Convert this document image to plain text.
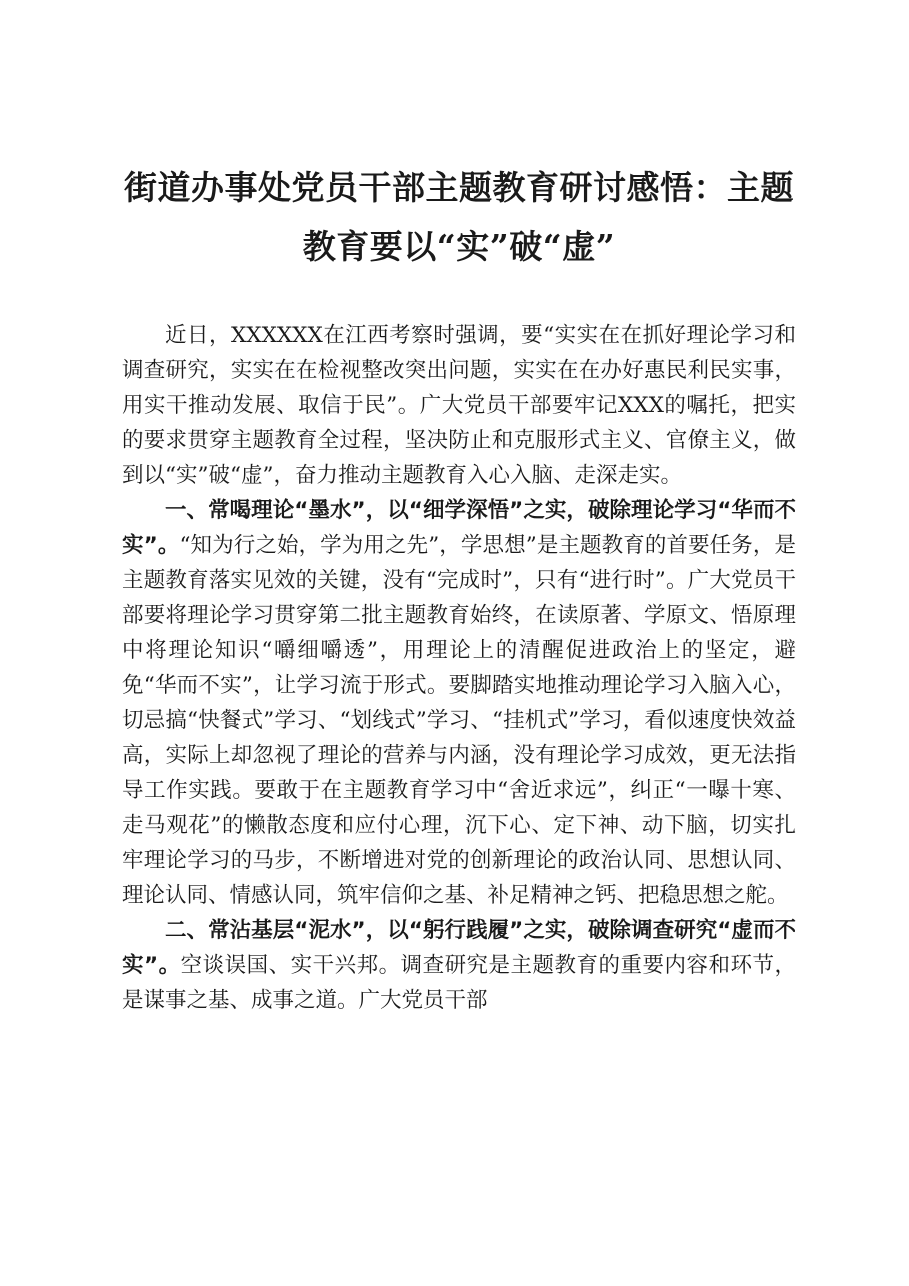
街道办事处党员干部主题教育研讨感悟：主题
教育要以“实”破“虚”

近日，XXXXXX在江西考察时强调，要“实实在在抓好理论学习和调查研究，实实在在检视整改突出问题，实实在在办好惠民利民实事，用实干推动发展、取信于民”。广大党员干部要牢记XXX的嘱托，把实的要求贯穿主题教育全过程，坚决防止和克服形式主义、官僚主义，做到以“实”破“虚”，奋力推动主题教育入心入脑、走深走实。

一、常喝理论“墨水”，以“细学深悟”之实，破除理论学习“华而不实”。“知为行之始，学为用之先”，学思想”是主题教育的首要任务，是主题教育落实见效的关键，没有“完成时”，只有“进行时”。广大党员干部要将理论学习贯穿第二批主题教育始终，在读原著、学原文、悟原理中将理论知识“嚼细嚼透”，用理论上的清醒促进政治上的坚定，避免“华而不实”，让学习流于形式。要脚踏实地推动理论学习入脑入心，切忌搞“快餐式”学习、“划线式”学习、“挂机式”学习，看似速度快效益高，实际上却忽视了理论的营养与内涵，没有理论学习成效，更无法指导工作实践。要敢于在主题教育学习中“舍近求远”，纠正“一曝十寒、走马观花”的懒散态度和应付心理，沉下心、定下神、动下脑，切实扎牢理论学习的马步，不断增进对党的创新理论的政治认同、思想认同、理论认同、情感认同，筑牢信仰之基、补足精神之钙、把稳思想之舵。

二、常沾基层“泥水”，以“躬行践履”之实，破除调查研究“虚而不实”。空谈误国、实干兴邦。调查研究是主题教育的重要内容和环节，是谋事之基、成事之道。广大党员干部
